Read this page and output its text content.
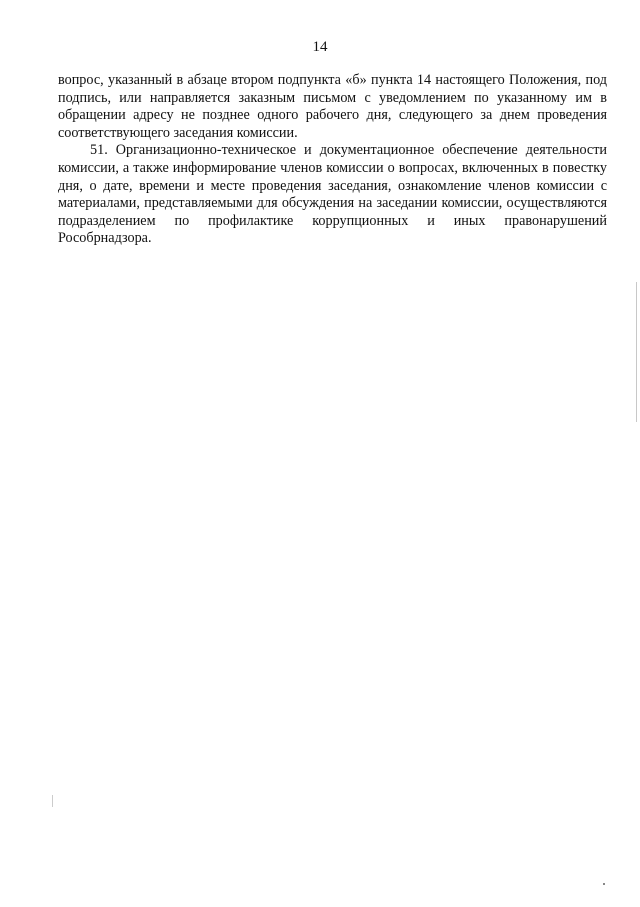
14

вопрос, указанный в абзаце втором подпункта «б» пункта 14 настоящего Положения, под подпись, или направляется заказным письмом с уведомлением по указанному им в обращении адресу не позднее одного рабочего дня, следующего за днем проведения соответствующего заседания комиссии.

51. Организационно-техническое и документационное обеспечение деятельности комиссии, а также информирование членов комиссии о вопросах, включенных в повестку дня, о дате, времени и месте проведения заседания, ознакомление членов комиссии с материалами, представляемыми для обсуждения на заседании комиссии, осуществляются подразделением по профилактике коррупционных и иных правонарушений Рособрнадзора.
